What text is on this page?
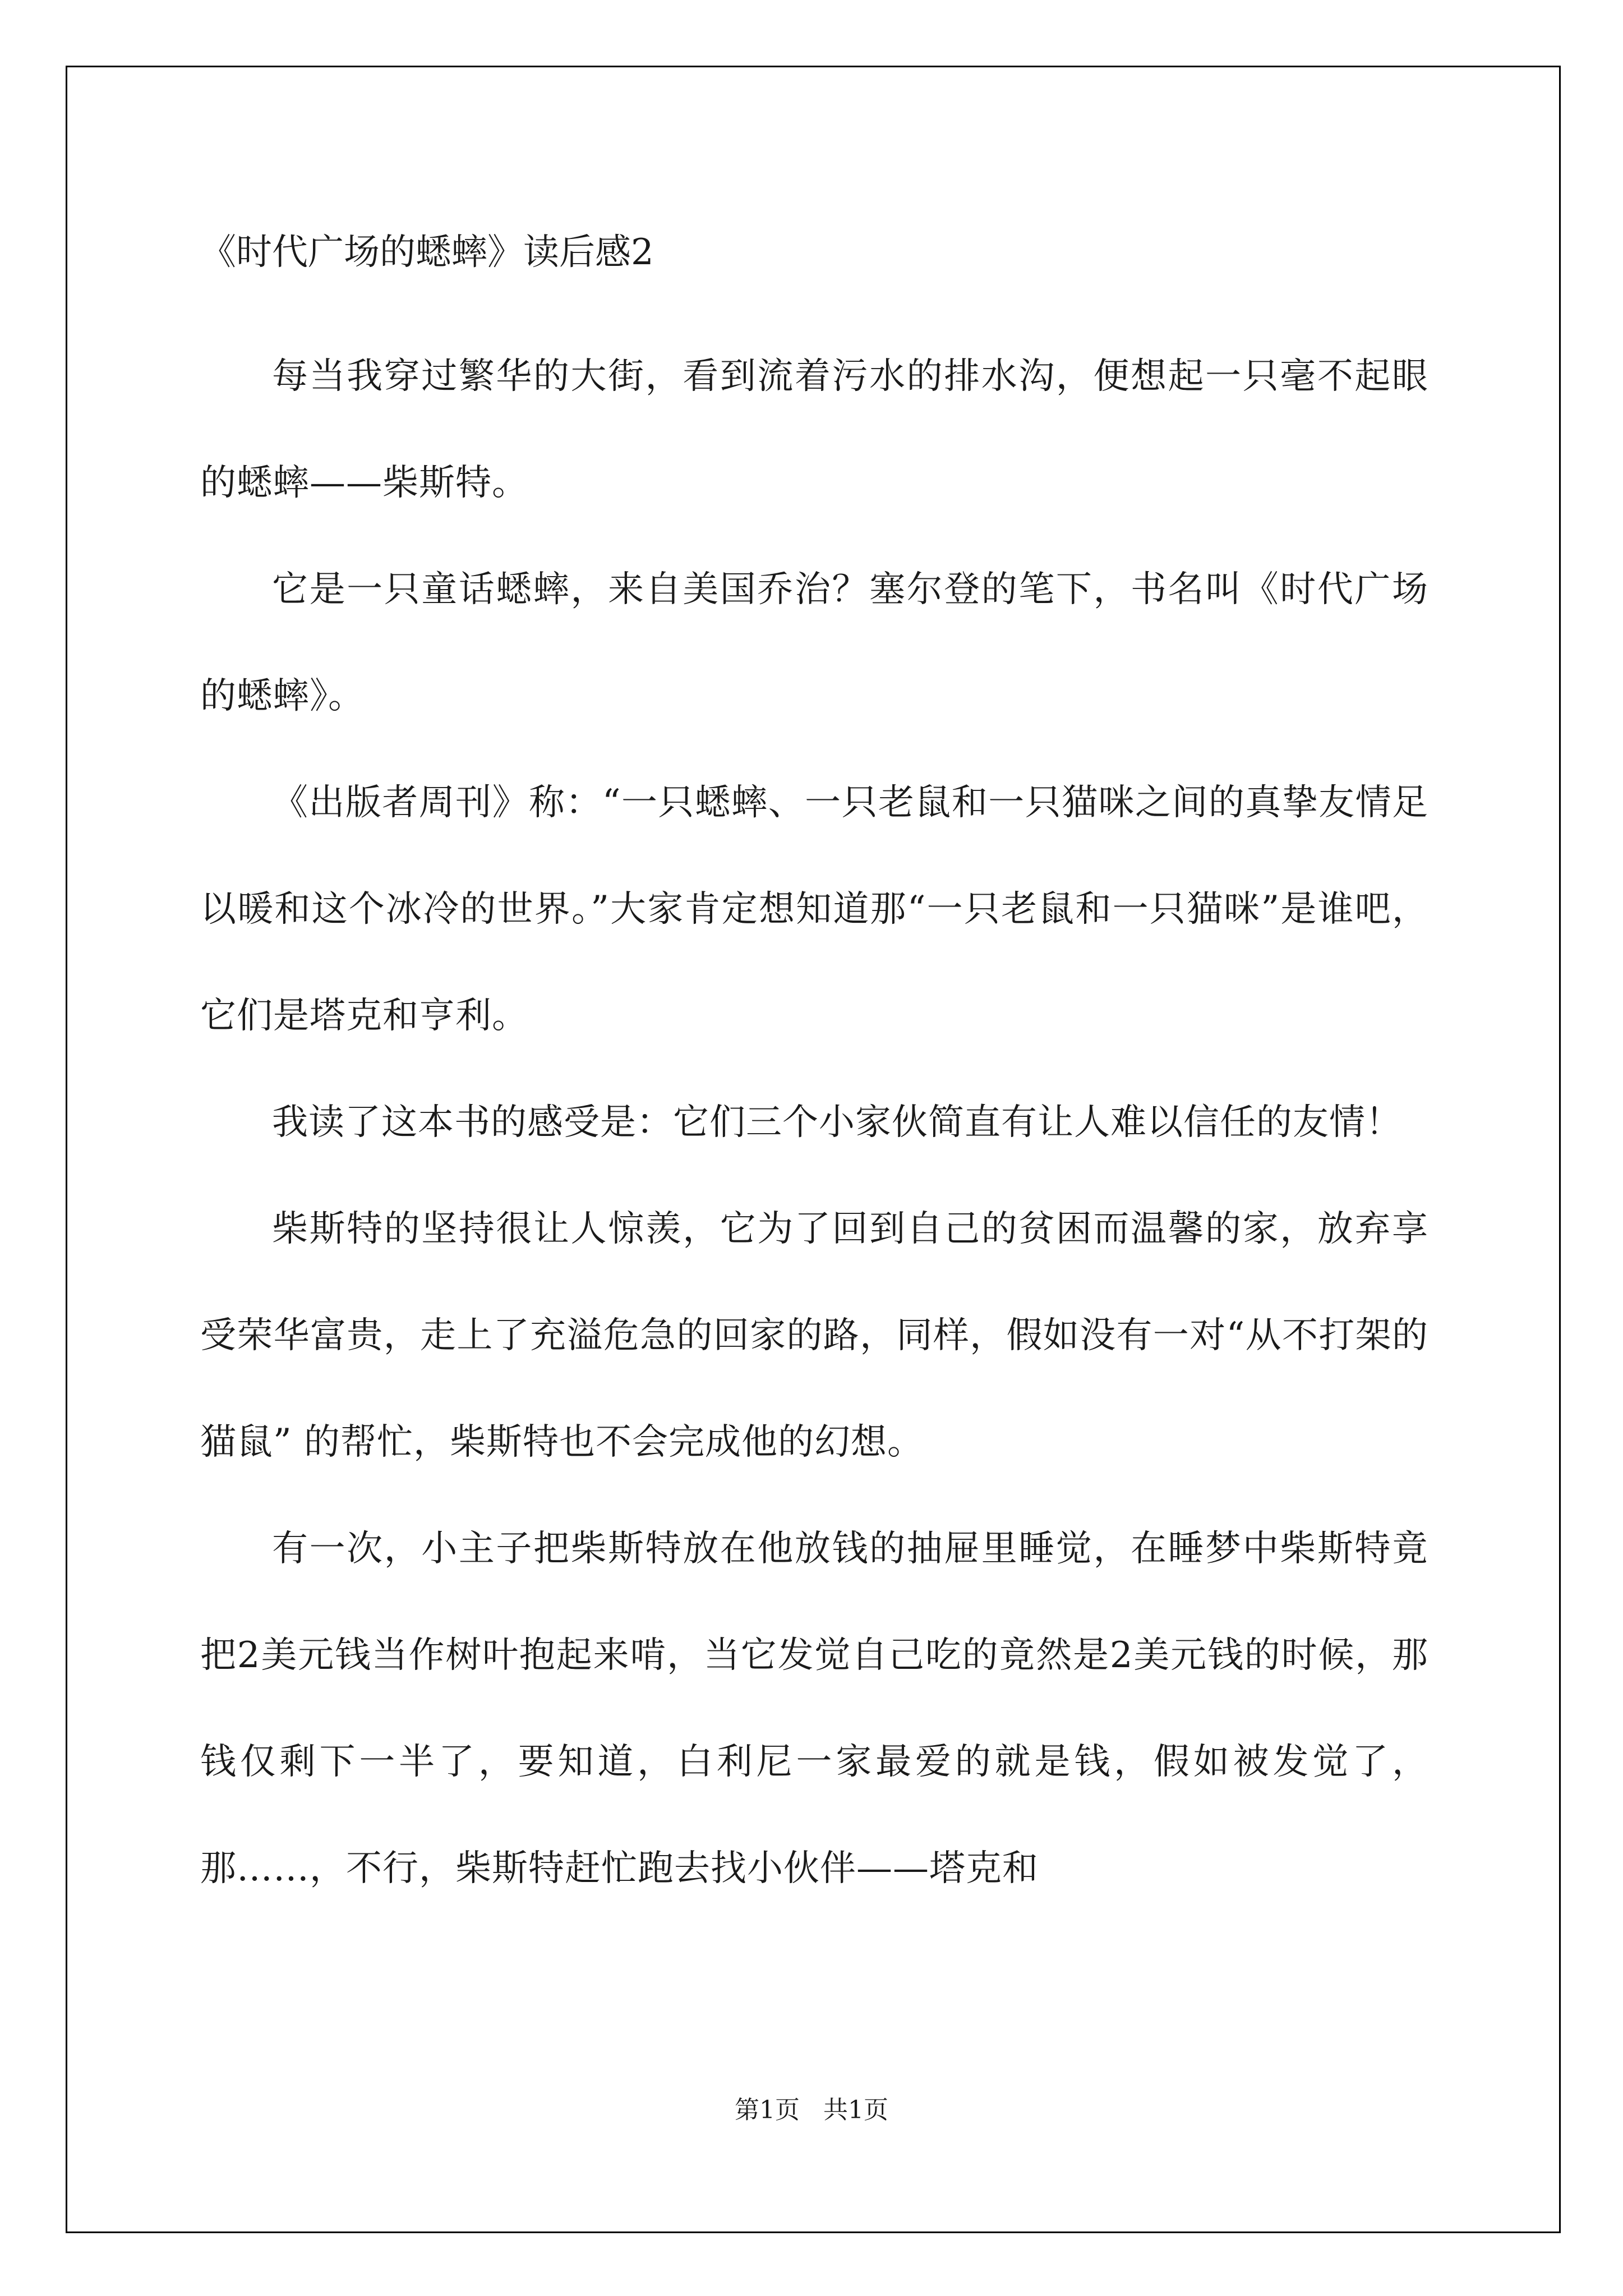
《时代广场的蟋蟀》读后感2

每当我穿过繁华的大街，看到流着污水的排水沟，便想起一只毫不起眼的蟋蟀——柴斯特。

它是一只童话蟋蟀，来自美国乔治？塞尔登的笔下，书名叫《时代广场的蟋蟀》。

《出版者周刊》称：“一只蟋蟀、一只老鼠和一只猫咪之间的真挚友情足以暖和这个冰冷的世界。”大家肯定想知道那“一只老鼠和一只猫咪”是谁吧，它们是塔克和亨利。

我读了这本书的感受是：它们三个小家伙简直有让人难以信任的友情！

柴斯特的坚持很让人惊羡，它为了回到自己的贫困而温馨的家，放弃享受荣华富贵，走上了充溢危急的回家的路，同样，假如没有一对“从不打架的猫鼠” 的帮忙，柴斯特也不会完成他的幻想。

有一次，小主子把柴斯特放在他放钱的抽屉里睡觉，在睡梦中柴斯特竟把2美元钱当作树叶抱起来啃，当它发觉自己吃的竟然是2美元钱的时候，那钱仅剩下一半了，要知道，白利尼一家最爱的就是钱，假如被发觉了，那……，不行，柴斯特赶忙跑去找小伙伴——塔克和

第1页   共1页
